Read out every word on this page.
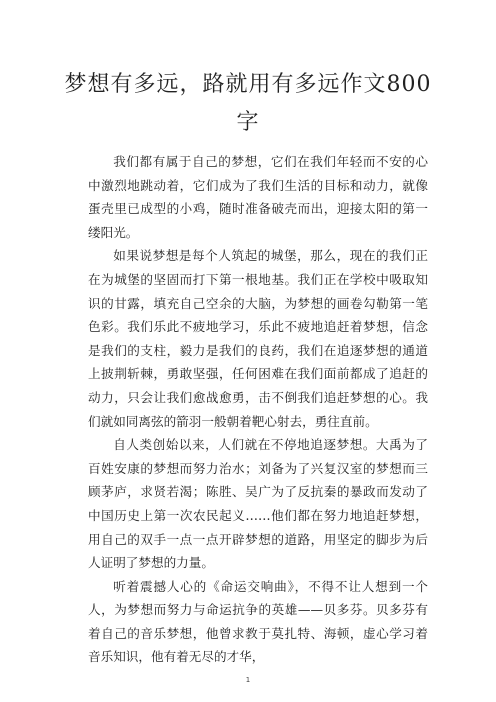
梦想有多远，路就用有多远作文800字

我们都有属于自己的梦想，它们在我们年轻而不安的心中激烈地跳动着，它们成为了我们生活的目标和动力，就像蛋壳里已成型的小鸡，随时准备破壳而出，迎接太阳的第一缕阳光。

如果说梦想是每个人筑起的城堡，那么，现在的我们正在为城堡的坚固而打下第一根地基。我们正在学校中吸取知识的甘露，填充自己空余的大脑，为梦想的画卷勾勒第一笔色彩。我们乐此不疲地学习，乐此不疲地追赶着梦想，信念是我们的支柱，毅力是我们的良药，我们在追逐梦想的通道上披荆斩棘，勇敢坚强，任何困难在我们面前都成了追赶的动力，只会让我们愈战愈勇，击不倒我们追赶梦想的心。我们就如同离弦的箭羽一般朝着靶心射去，勇往直前。

自人类创始以来，人们就在不停地追逐梦想。大禹为了百姓安康的梦想而努力治水；刘备为了兴复汉室的梦想而三顾茅庐，求贤若渴；陈胜、吴广为了反抗秦的暴政而发动了中国历史上第一次农民起义……他们都在努力地追赶梦想，用自己的双手一点一点开辟梦想的道路，用坚定的脚步为后人证明了梦想的力量。

听着震撼人心的《命运交响曲》，不得不让人想到一个人，为梦想而努力与命运抗争的英雄——贝多芬。贝多芬有着自己的音乐梦想，他曾求教于莫扎特、海顿，虚心学习着音乐知识，他有着无尽的才华，

1
